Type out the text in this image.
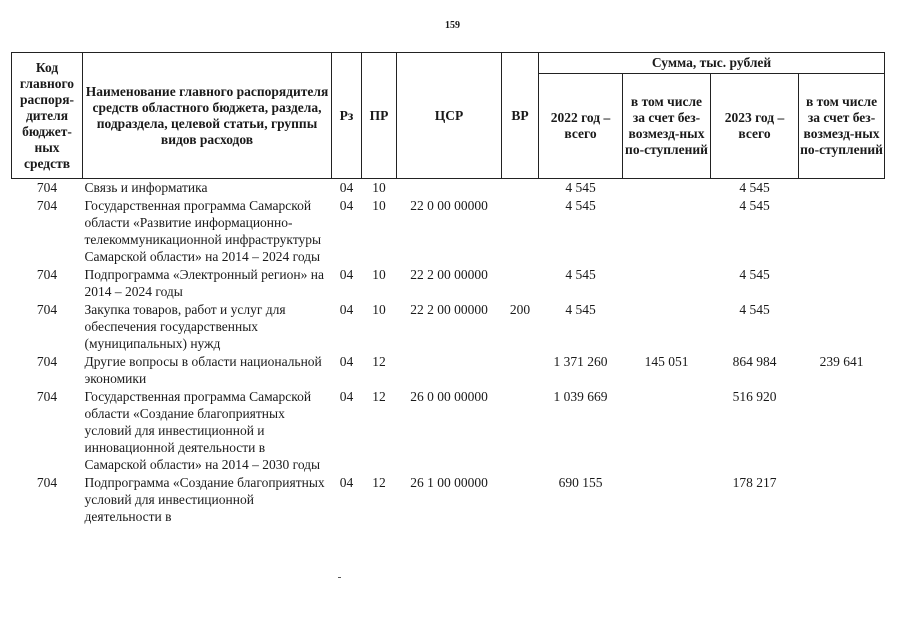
159
Код главного распоря-дителя бюджет-ных средств	Наименование главного распорядителя средств областного бюджета, раздела, подраздела, целевой статьи, группы видов расходов	Рз	ПР	ЦСР	ВР	Сумма, тыс. рублей			
						2022 год – всего	в том числе за счет без-возмезд-ных по-ступлений	2023 год – всего	в том числе за счет без-возмезд-ных по-ступлений
704	Связь и информатика	04	10			4 545		4 545	
704	Государственная программа Самарской области «Развитие информационно-телекоммуникационной инфраструктуры Самарской области» на 2014 – 2024 годы	04	10	22 0 00 00000		4 545		4 545	
704	Подпрограмма «Электронный регион» на 2014 – 2024 годы	04	10	22 2 00 00000		4 545		4 545	
704	Закупка товаров, работ и услуг для обеспечения государственных (муниципальных) нужд	04	10	22 2 00 00000	200	4 545		4 545	
704	Другие вопросы в области национальной экономики	04	12			1 371 260	145 051	864 984	239 641
704	Государственная программа Самарской области «Создание благоприятных условий для инвестиционной и инновационной деятельности в Самарской области» на 2014 – 2030 годы	04	12	26 0 00 00000		1 039 669		516 920	
704	Подпрограмма «Создание благоприятных условий для инвестиционной деятельности в	04	12	26 1 00 00000		690 155		178 217	
